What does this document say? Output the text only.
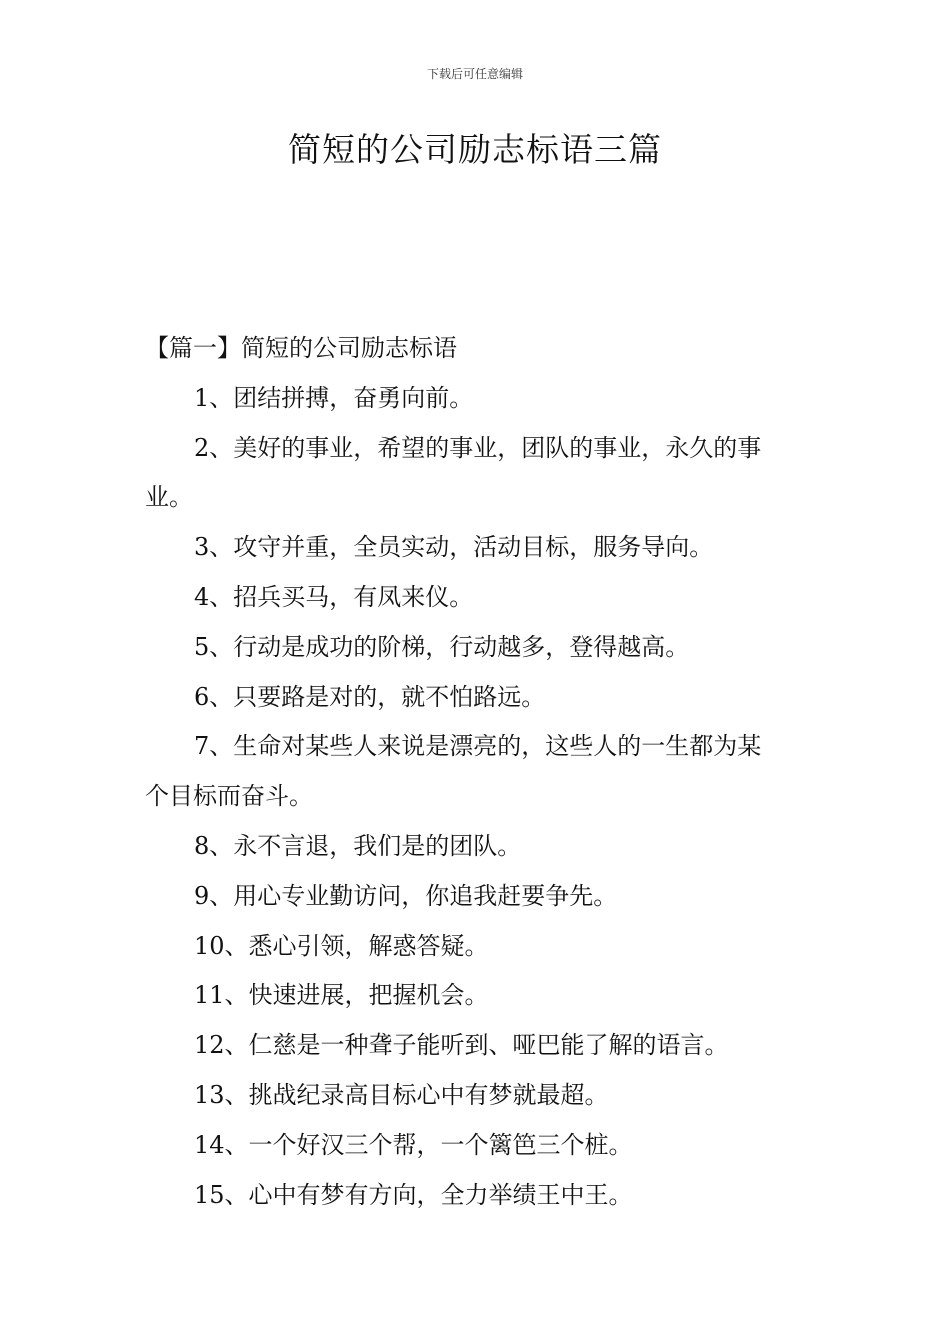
下载后可任意编辑
简短的公司励志标语三篇
【篇一】简短的公司励志标语
1、团结拼搏，奋勇向前。
2、美好的事业，希望的事业，团队的事业，永久的事
业。
3、攻守并重，全员实动，活动目标，服务导向。
4、招兵买马，有凤来仪。
5、行动是成功的阶梯，行动越多，登得越高。
6、只要路是对的，就不怕路远。
7、生命对某些人来说是漂亮的，这些人的一生都为某
个目标而奋斗。
8、永不言退，我们是的团队。
9、用心专业勤访问，你追我赶要争先。
10、悉心引领，解惑答疑。
11、快速进展，把握机会。
12、仁慈是一种聋子能听到、哑巴能了解的语言。
13、挑战纪录高目标心中有梦就最超。
14、一个好汉三个帮，一个篱笆三个桩。
15、心中有梦有方向，全力举绩王中王。
